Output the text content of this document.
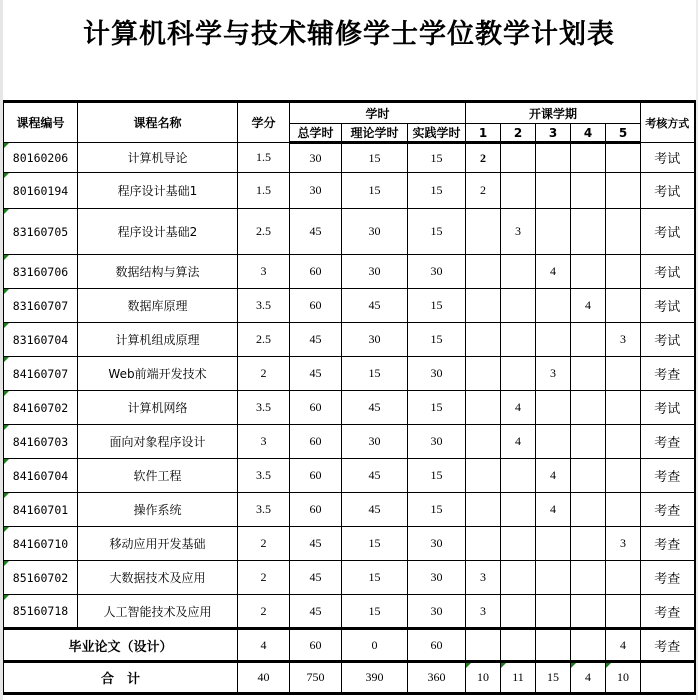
计算机科学与技术辅修学士学位教学计划表
课程编号	课程名称	学分	学时			开课学期					考核方式
			总学时	理论学时	实践学时	1	2	3	4	5	
80160206	计算机导论	1.5	30	15	15	2					考试
80160194	程序设计基础1	1.5	30	15	15	2					考试
83160705	程序设计基础2	2.5	45	30	15		3				考试
83160706	数据结构与算法	3	60	30	30			4			考试
83160707	数据库原理	3.5	60	45	15				4		考试
83160704	计算机组成原理	2.5	45	30	15					3	考试
84160707	Web前端开发技术	2	45	15	30			3			考查
84160702	计算机网络	3.5	60	45	15		4				考试
84160703	面向对象程序设计	3	60	30	30		4				考查
84160704	软件工程	3.5	60	45	15			4			考查
84160701	操作系统	3.5	60	45	15			4			考查
84160710	移动应用开发基础	2	45	15	30					3	考查
85160702	大数据技术及应用	2	45	15	30	3					考查
85160718	人工智能技术及应用	2	45	15	30	3					考查
毕业论文（设计）		4	60	0	60					4	考查
合　计		40	750	390	360	10	11	15	4	10	
